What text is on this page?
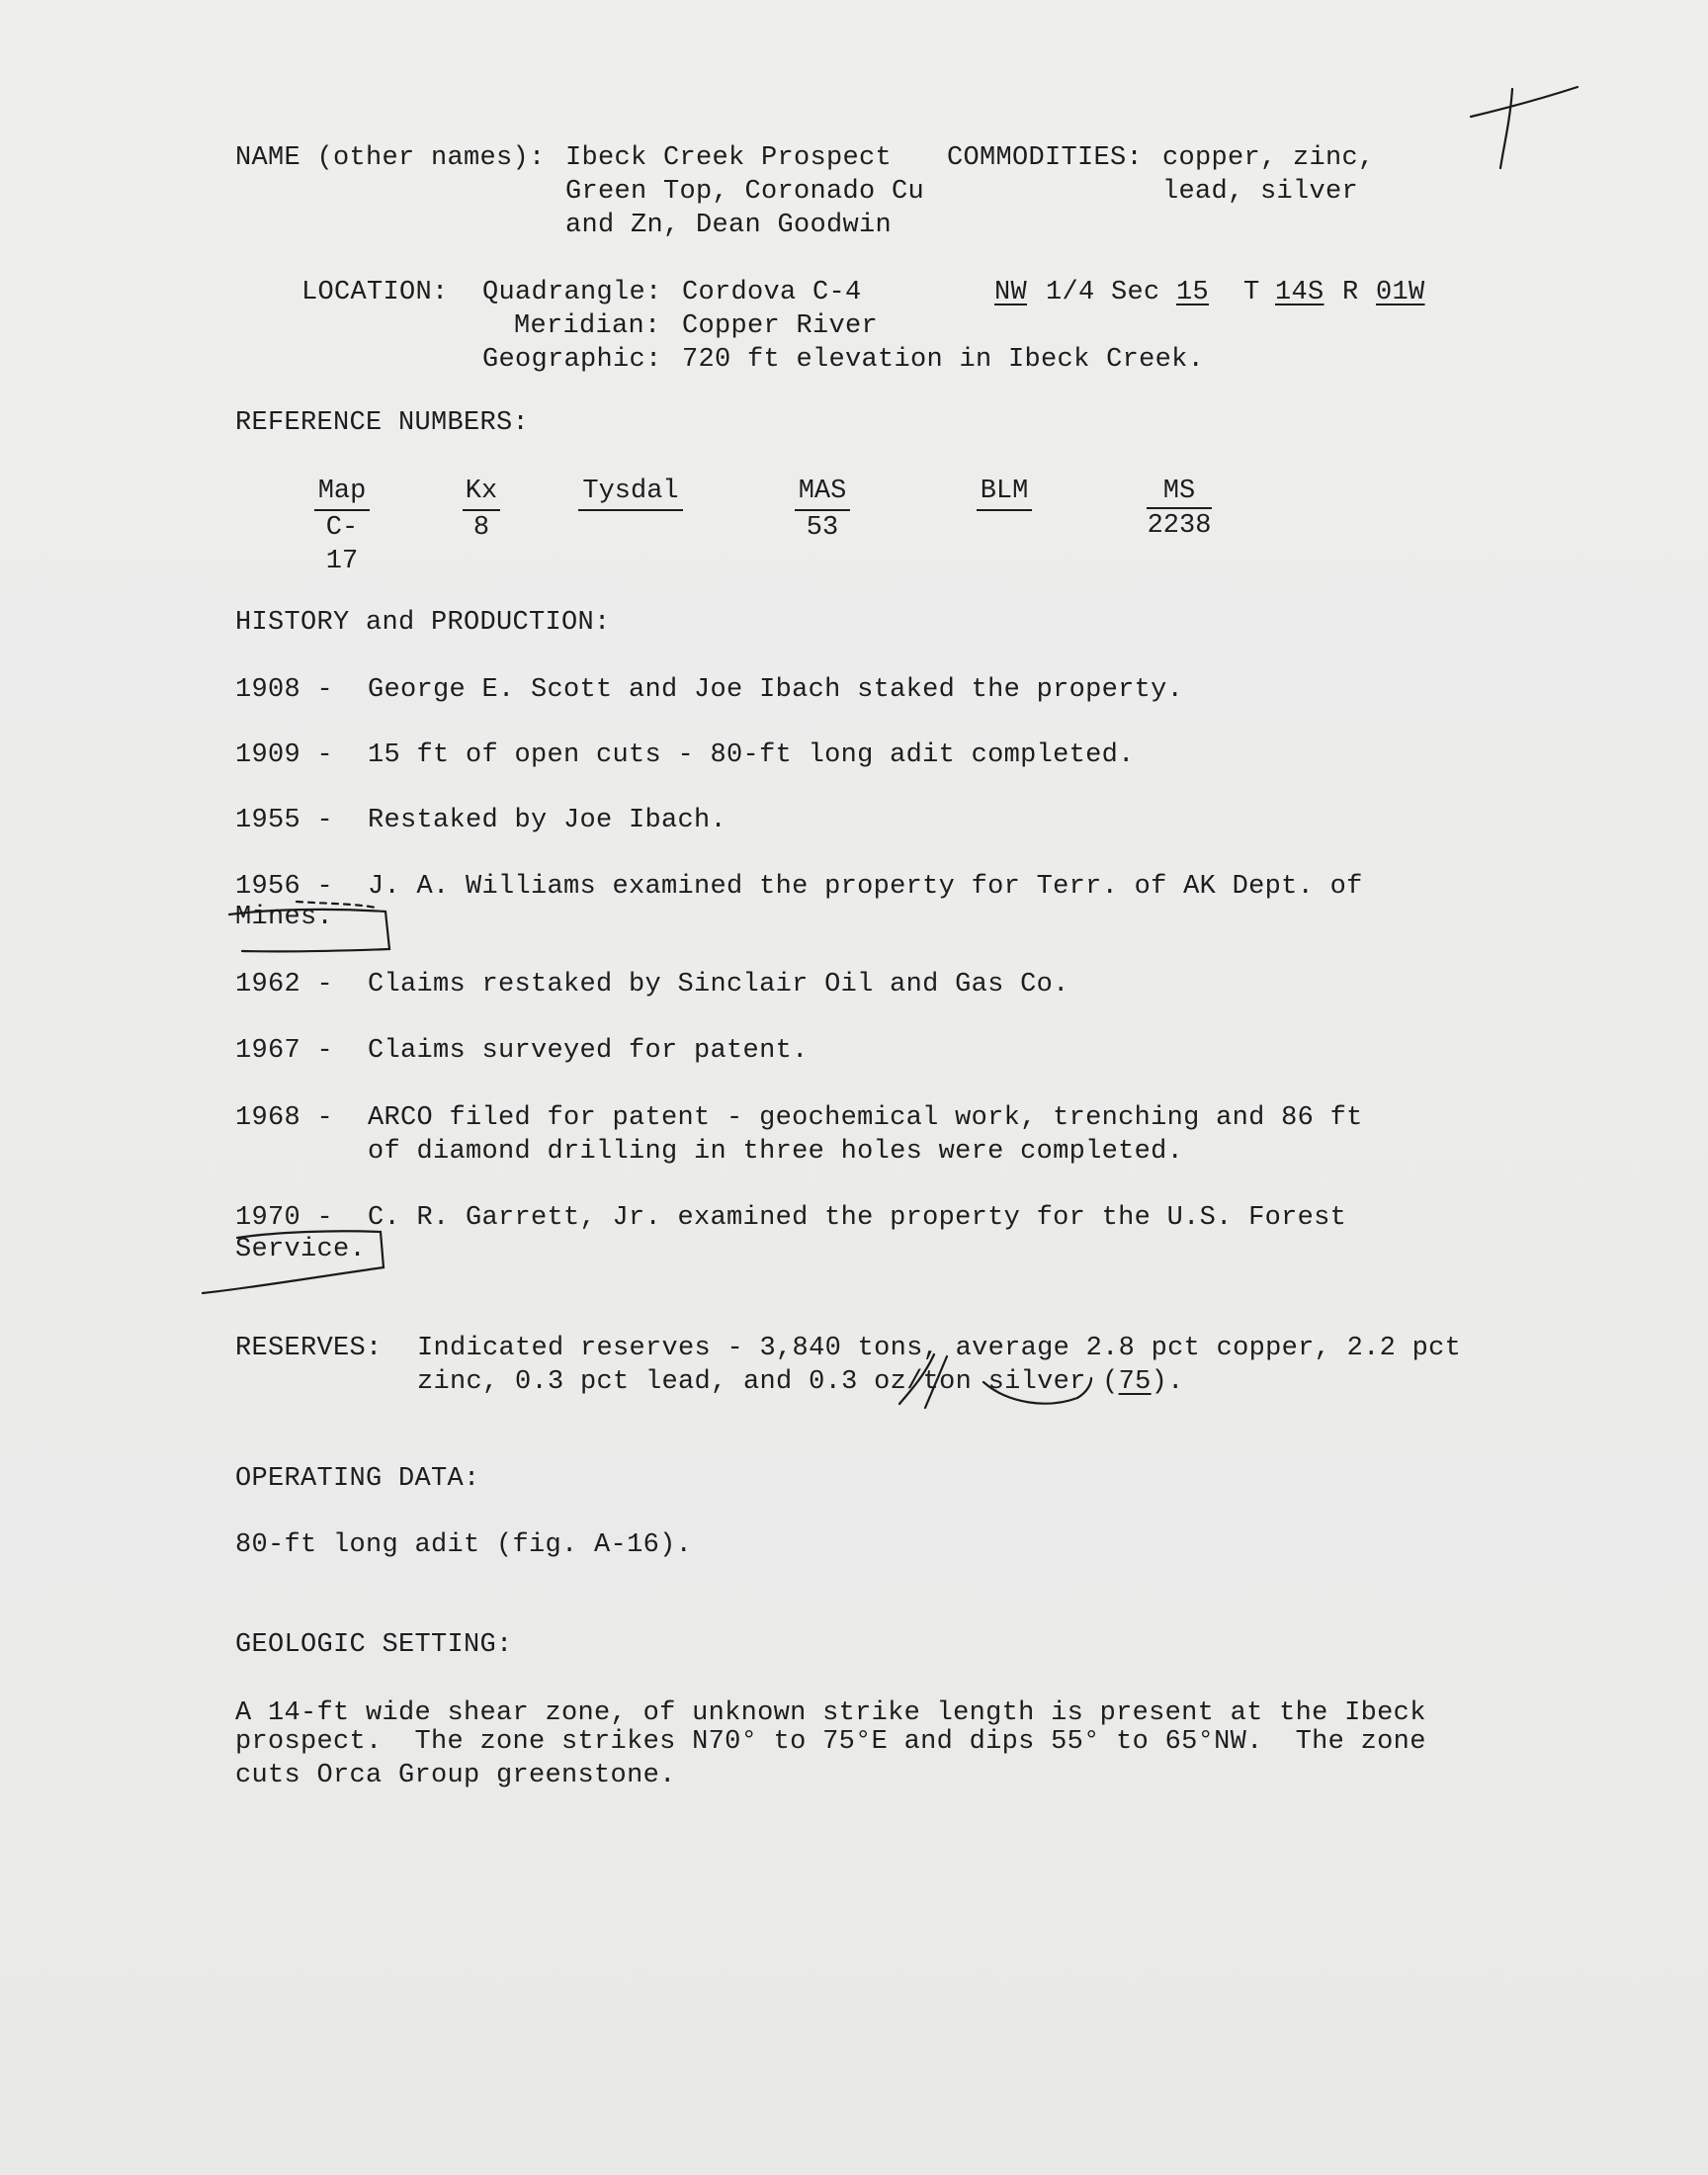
NAME (other names): Ibeck Creek Prospect
Green Top, Coronado Cu
and Zn, Dean Goodwin
COMMODITIES: copper, zinc,
lead, silver
LOCATION: Quadrangle: Cordova C-4
Meridian: Copper River
Geographic: 720 ft elevation in Ibeck Creek.
NW 1/4 Sec 15 T 14S R 01W
REFERENCE NUMBERS:
Map
C-17
Kx
8
Tysdal	MAS
53
BLM	MS
2238
HISTORY and PRODUCTION:
1908 - George E. Scott and Joe Ibach staked the property.
1909 - 15 ft of open cuts - 80-ft long adit completed.
1955 - Restaked by Joe Ibach.
1956 - J. A. Williams examined the property for Terr. of AK Dept. of
Mines.
1962 - Claims restaked by Sinclair Oil and Gas Co.
1967 - Claims surveyed for patent.
1968 - ARCO filed for patent - geochemical work, trenching and 86 ft
of diamond drilling in three holes were completed.
1970 - C. R. Garrett, Jr. examined the property for the U.S. Forest
Service.
RESERVES: Indicated reserves - 3,840 tons, average 2.8 pct copper, 2.2 pct
zinc, 0.3 pct lead, and 0.3 oz/ton silver (75).
OPERATING DATA:
80-ft long adit (fig. A-16).
GEOLOGIC SETTING:
A 14-ft wide shear zone, of unknown strike length is present at the Ibeck
prospect.  The zone strikes N70° to 75°E and dips 55° to 65°NW.  The zone
cuts Orca Group greenstone.
